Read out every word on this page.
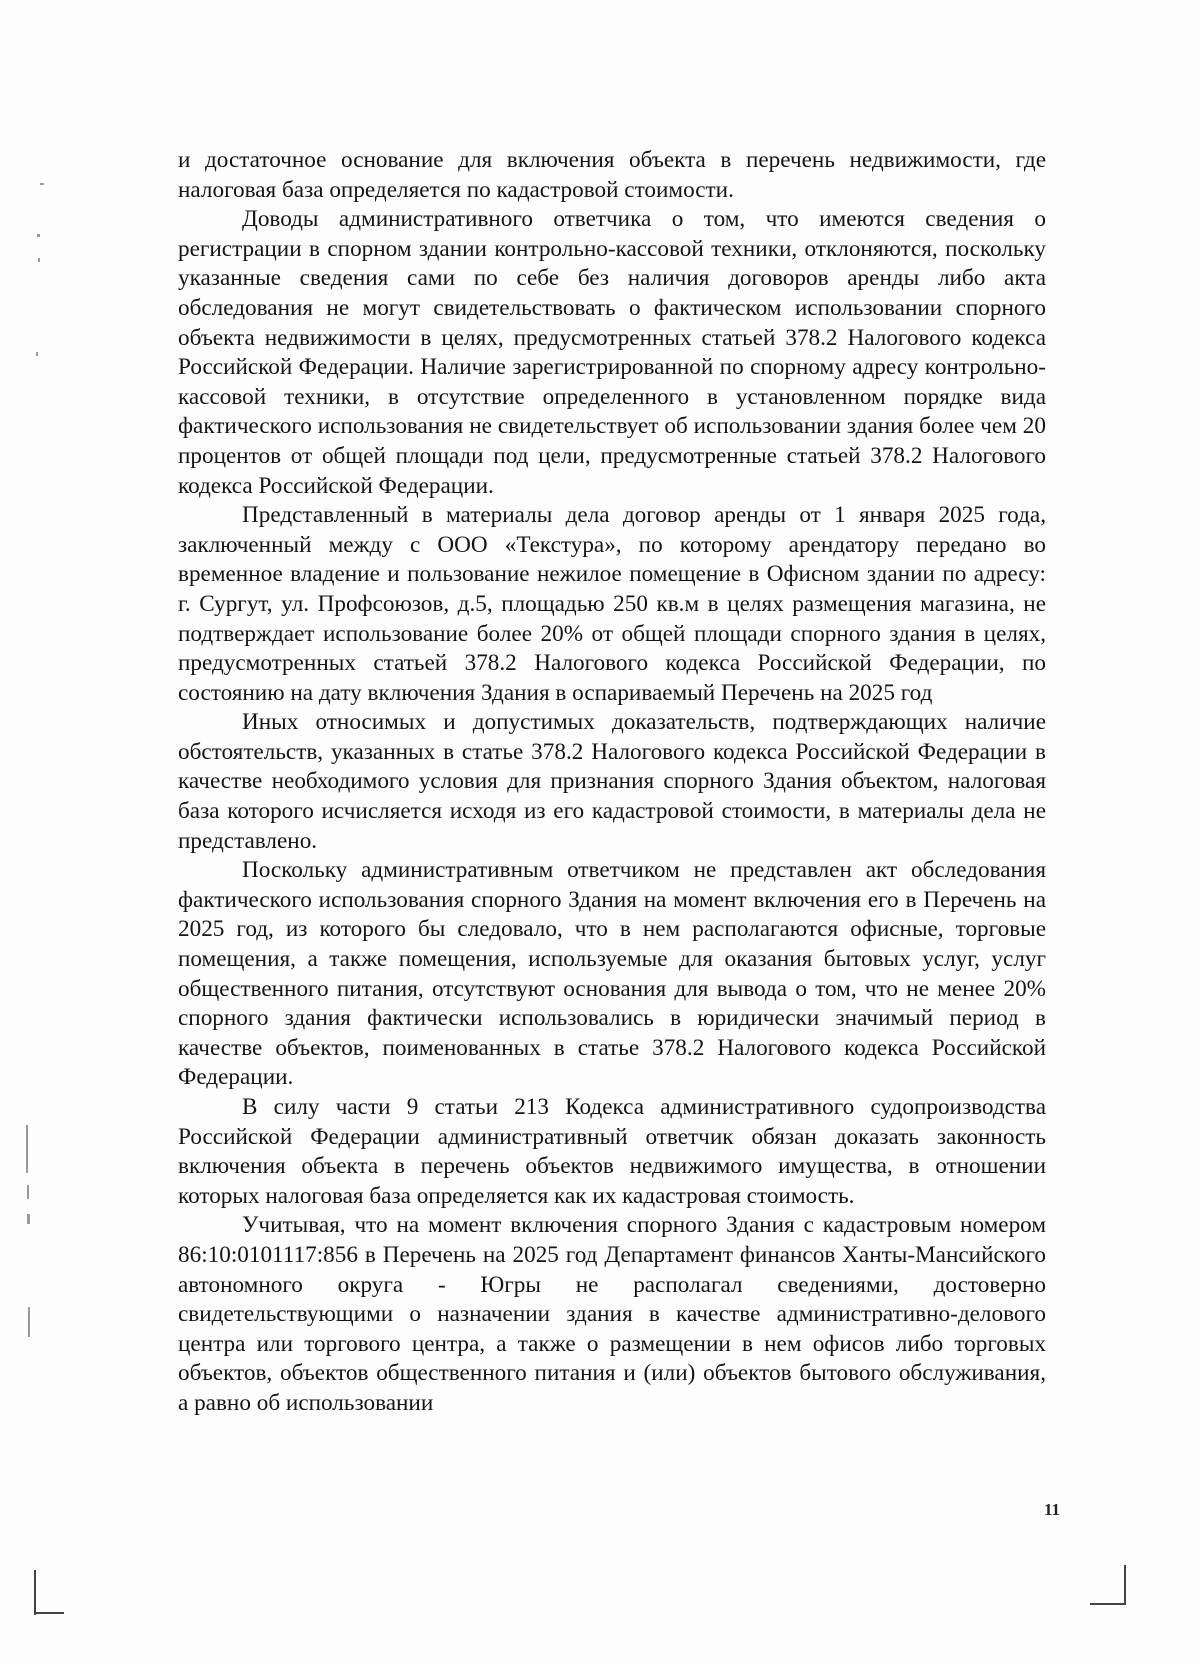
и достаточное основание для включения объекта в перечень недвижимости, где налоговая база определяется по кадастровой стоимости.

Доводы административного ответчика о том, что имеются сведения о регистрации в спорном здании контрольно-кассовой техники, отклоняются, поскольку указанные сведения сами по себе без наличия договоров аренды либо акта обследования не могут свидетельствовать о фактическом использовании спорного объекта недвижимости в целях, предусмотренных статьей 378.2 Налогового кодекса Российской Федерации. Наличие зарегистрированной по спорному адресу контрольно-кассовой техники, в отсутствие определенного в установленном порядке вида фактического использования не свидетельствует об использовании здания более чем 20 процентов от общей площади под цели, предусмотренные статьей 378.2 Налогового кодекса Российской Федерации.

Представленный в материалы дела договор аренды от 1 января 2025 года, заключенный между с ООО «Текстура», по которому арендатору передано во временное владение и пользование нежилое помещение в Офисном здании по адресу: г. Сургут, ул. Профсоюзов, д.5, площадью 250 кв.м в целях размещения магазина, не подтверждает использование более 20% от общей площади спорного здания в целях, предусмотренных статьей 378.2 Налогового кодекса Российской Федерации, по состоянию на дату включения Здания в оспариваемый Перечень на 2025 год

Иных относимых и допустимых доказательств, подтверждающих наличие обстоятельств, указанных в статье 378.2 Налогового кодекса Российской Федерации в качестве необходимого условия для признания спорного Здания объектом, налоговая база которого исчисляется исходя из его кадастровой стоимости, в материалы дела не представлено.

Поскольку административным ответчиком не представлен акт обследования фактического использования спорного Здания на момент включения его в Перечень на 2025 год, из которого бы следовало, что в нем располагаются офисные, торговые помещения, а также помещения, используемые для оказания бытовых услуг, услуг общественного питания, отсутствуют основания для вывода о том, что не менее 20% спорного здания фактически использовались в юридически значимый период в качестве объектов, поименованных в статье 378.2 Налогового кодекса Российской Федерации.

В силу части 9 статьи 213 Кодекса административного судопроизводства Российской Федерации административный ответчик обязан доказать законность включения объекта в перечень объектов недвижимого имущества, в отношении которых налоговая база определяется как их кадастровая стоимость.

Учитывая, что на момент включения спорного Здания с кадастровым номером 86:10:0101117:856 в Перечень на 2025 год Департамент финансов Ханты-Мансийского автономного округа - Югры не располагал сведениями, достоверно свидетельствующими о назначении здания в качестве административно-делового центра или торгового центра, а также о размещении в нем офисов либо торговых объектов, объектов общественного питания и (или) объектов бытового обслуживания, а равно об использовании

11
